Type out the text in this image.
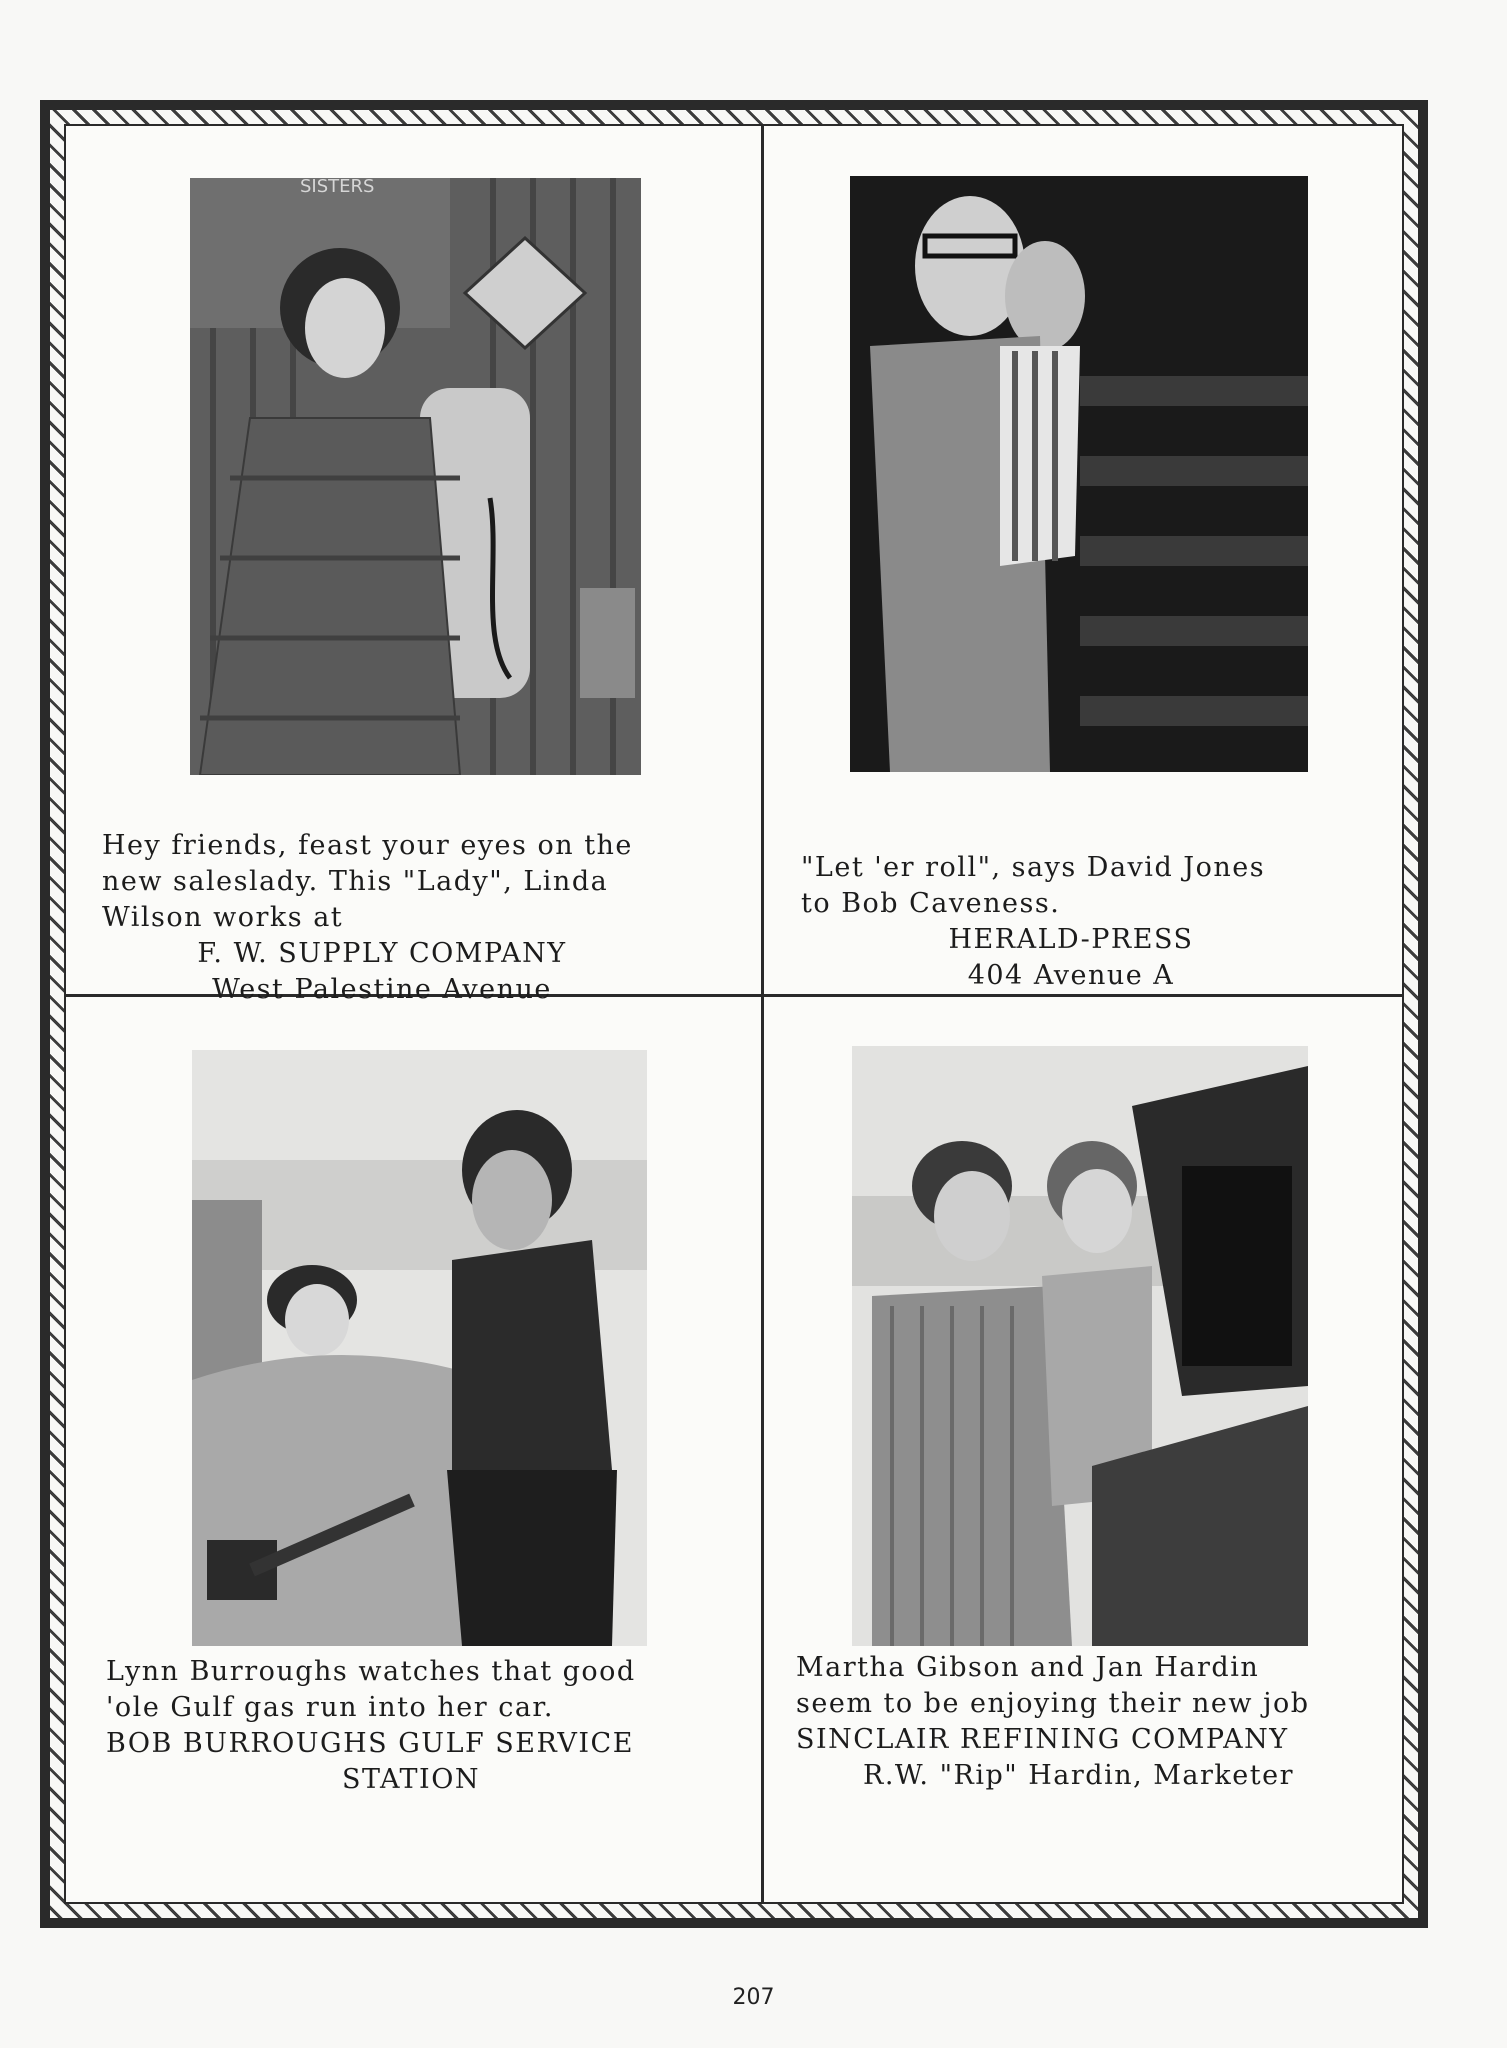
SISTERS
Hey friends, feast your eyes on the
new saleslady. This "Lady", Linda
Wilson works at
F. W. SUPPLY COMPANY
West Palestine Avenue
"Let 'er roll", says David Jones
to Bob Caveness.
HERALD-PRESS
404 Avenue A
Lynn Burroughs watches that good
'ole Gulf gas run into her car.
BOB BURROUGHS GULF SERVICE
STATION
Martha Gibson and Jan Hardin
seem to be enjoying their new job
SINCLAIR REFINING COMPANY
R.W. "Rip" Hardin, Marketer
207
